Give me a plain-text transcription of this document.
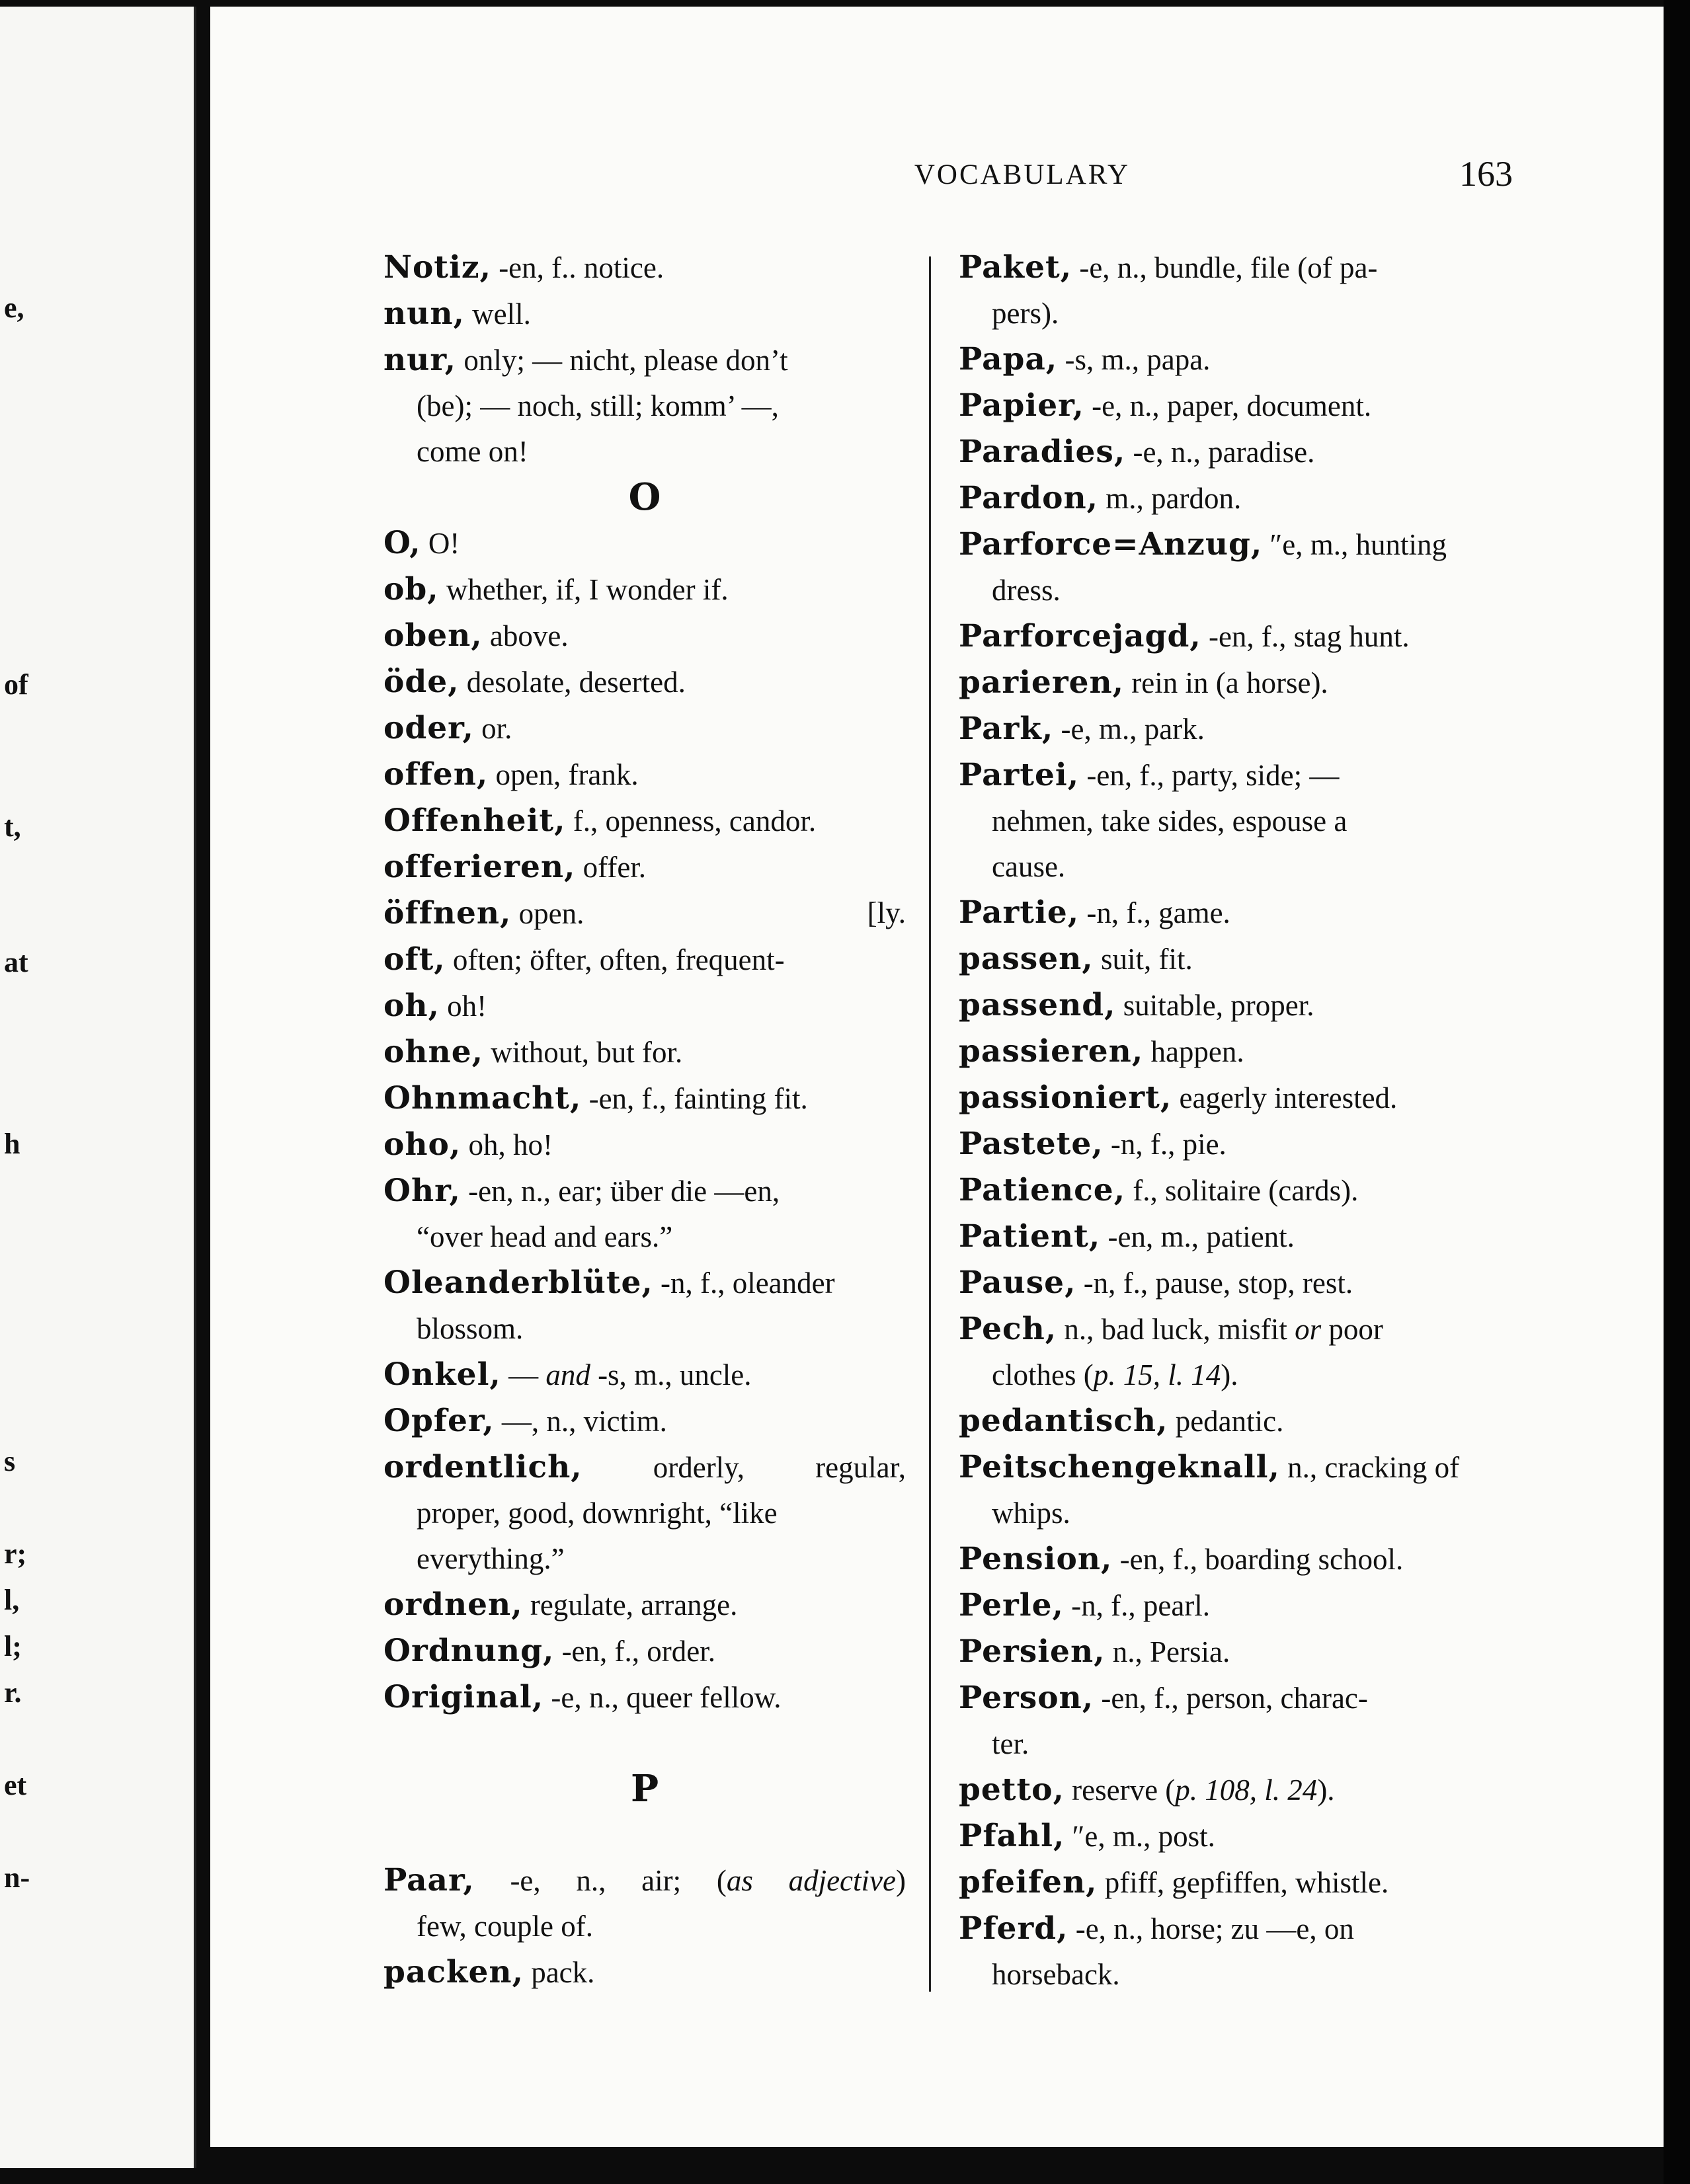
e,
of
t,
at
h
s
r;
l,
l;
r.
et
n-
VOCABULARY	163
Notiz, -en, f.. notice.
nun, well.
nur, only; — nicht, please don’t
(be); — noch, still; komm’ —,
come on!
O
O, O!
ob, whether, if, I wonder if.
oben, above.
öde, desolate, deserted.
oder, or.
offen, open, frank.
Offenheit, f., openness, candor.
offerieren, offer.
öffnen, open.	[ly.
oft, often; öfter, often, frequent-
oh, oh!
ohne, without, but for.
Ohnmacht, -en, f., fainting fit.
oho, oh, ho!
Ohr, -en, n., ear; über die —en,
“over head and ears.”
Oleanderblüte, -n, f., oleander
blossom.
Onkel, — and -s, m., uncle.
Opfer, —, n., victim.
ordentlich, orderly, regular,
proper, good, downright, “like
everything.”
ordnen, regulate, arrange.
Ordnung, -en, f., order.
Original, -e, n., queer fellow.
P
Paar, -e, n., air; (as adjective)
few, couple of.
packen, pack.
Paket, -e, n., bundle, file (of pa-
pers).
Papa, -s, m., papa.
Papier, -e, n., paper, document.
Paradies, -e, n., paradise.
Pardon, m., pardon.
Parforce=Anzug, ″e, m., hunting
dress.
Parforcejagd, -en, f., stag hunt.
parieren, rein in (a horse).
Park, -e, m., park.
Partei, -en, f., party, side; —
nehmen, take sides, espouse a
cause.
Partie, -n, f., game.
passen, suit, fit.
passend, suitable, proper.
passieren, happen.
passioniert, eagerly interested.
Pastete, -n, f., pie.
Patience, f., solitaire (cards).
Patient, -en, m., patient.
Pause, -n, f., pause, stop, rest.
Pech, n., bad luck, misfit or poor
clothes (p. 15, l. 14).
pedantisch, pedantic.
Peitschengeknall, n., cracking of
whips.
Pension, -en, f., boarding school.
Perle, -n, f., pearl.
Persien, n., Persia.
Person, -en, f., person, charac-
ter.
petto, reserve (p. 108, l. 24).
Pfahl, ″e, m., post.
pfeifen, pfiff, gepfiffen, whistle.
Pferd, -e, n., horse; zu —e, on
horseback.
